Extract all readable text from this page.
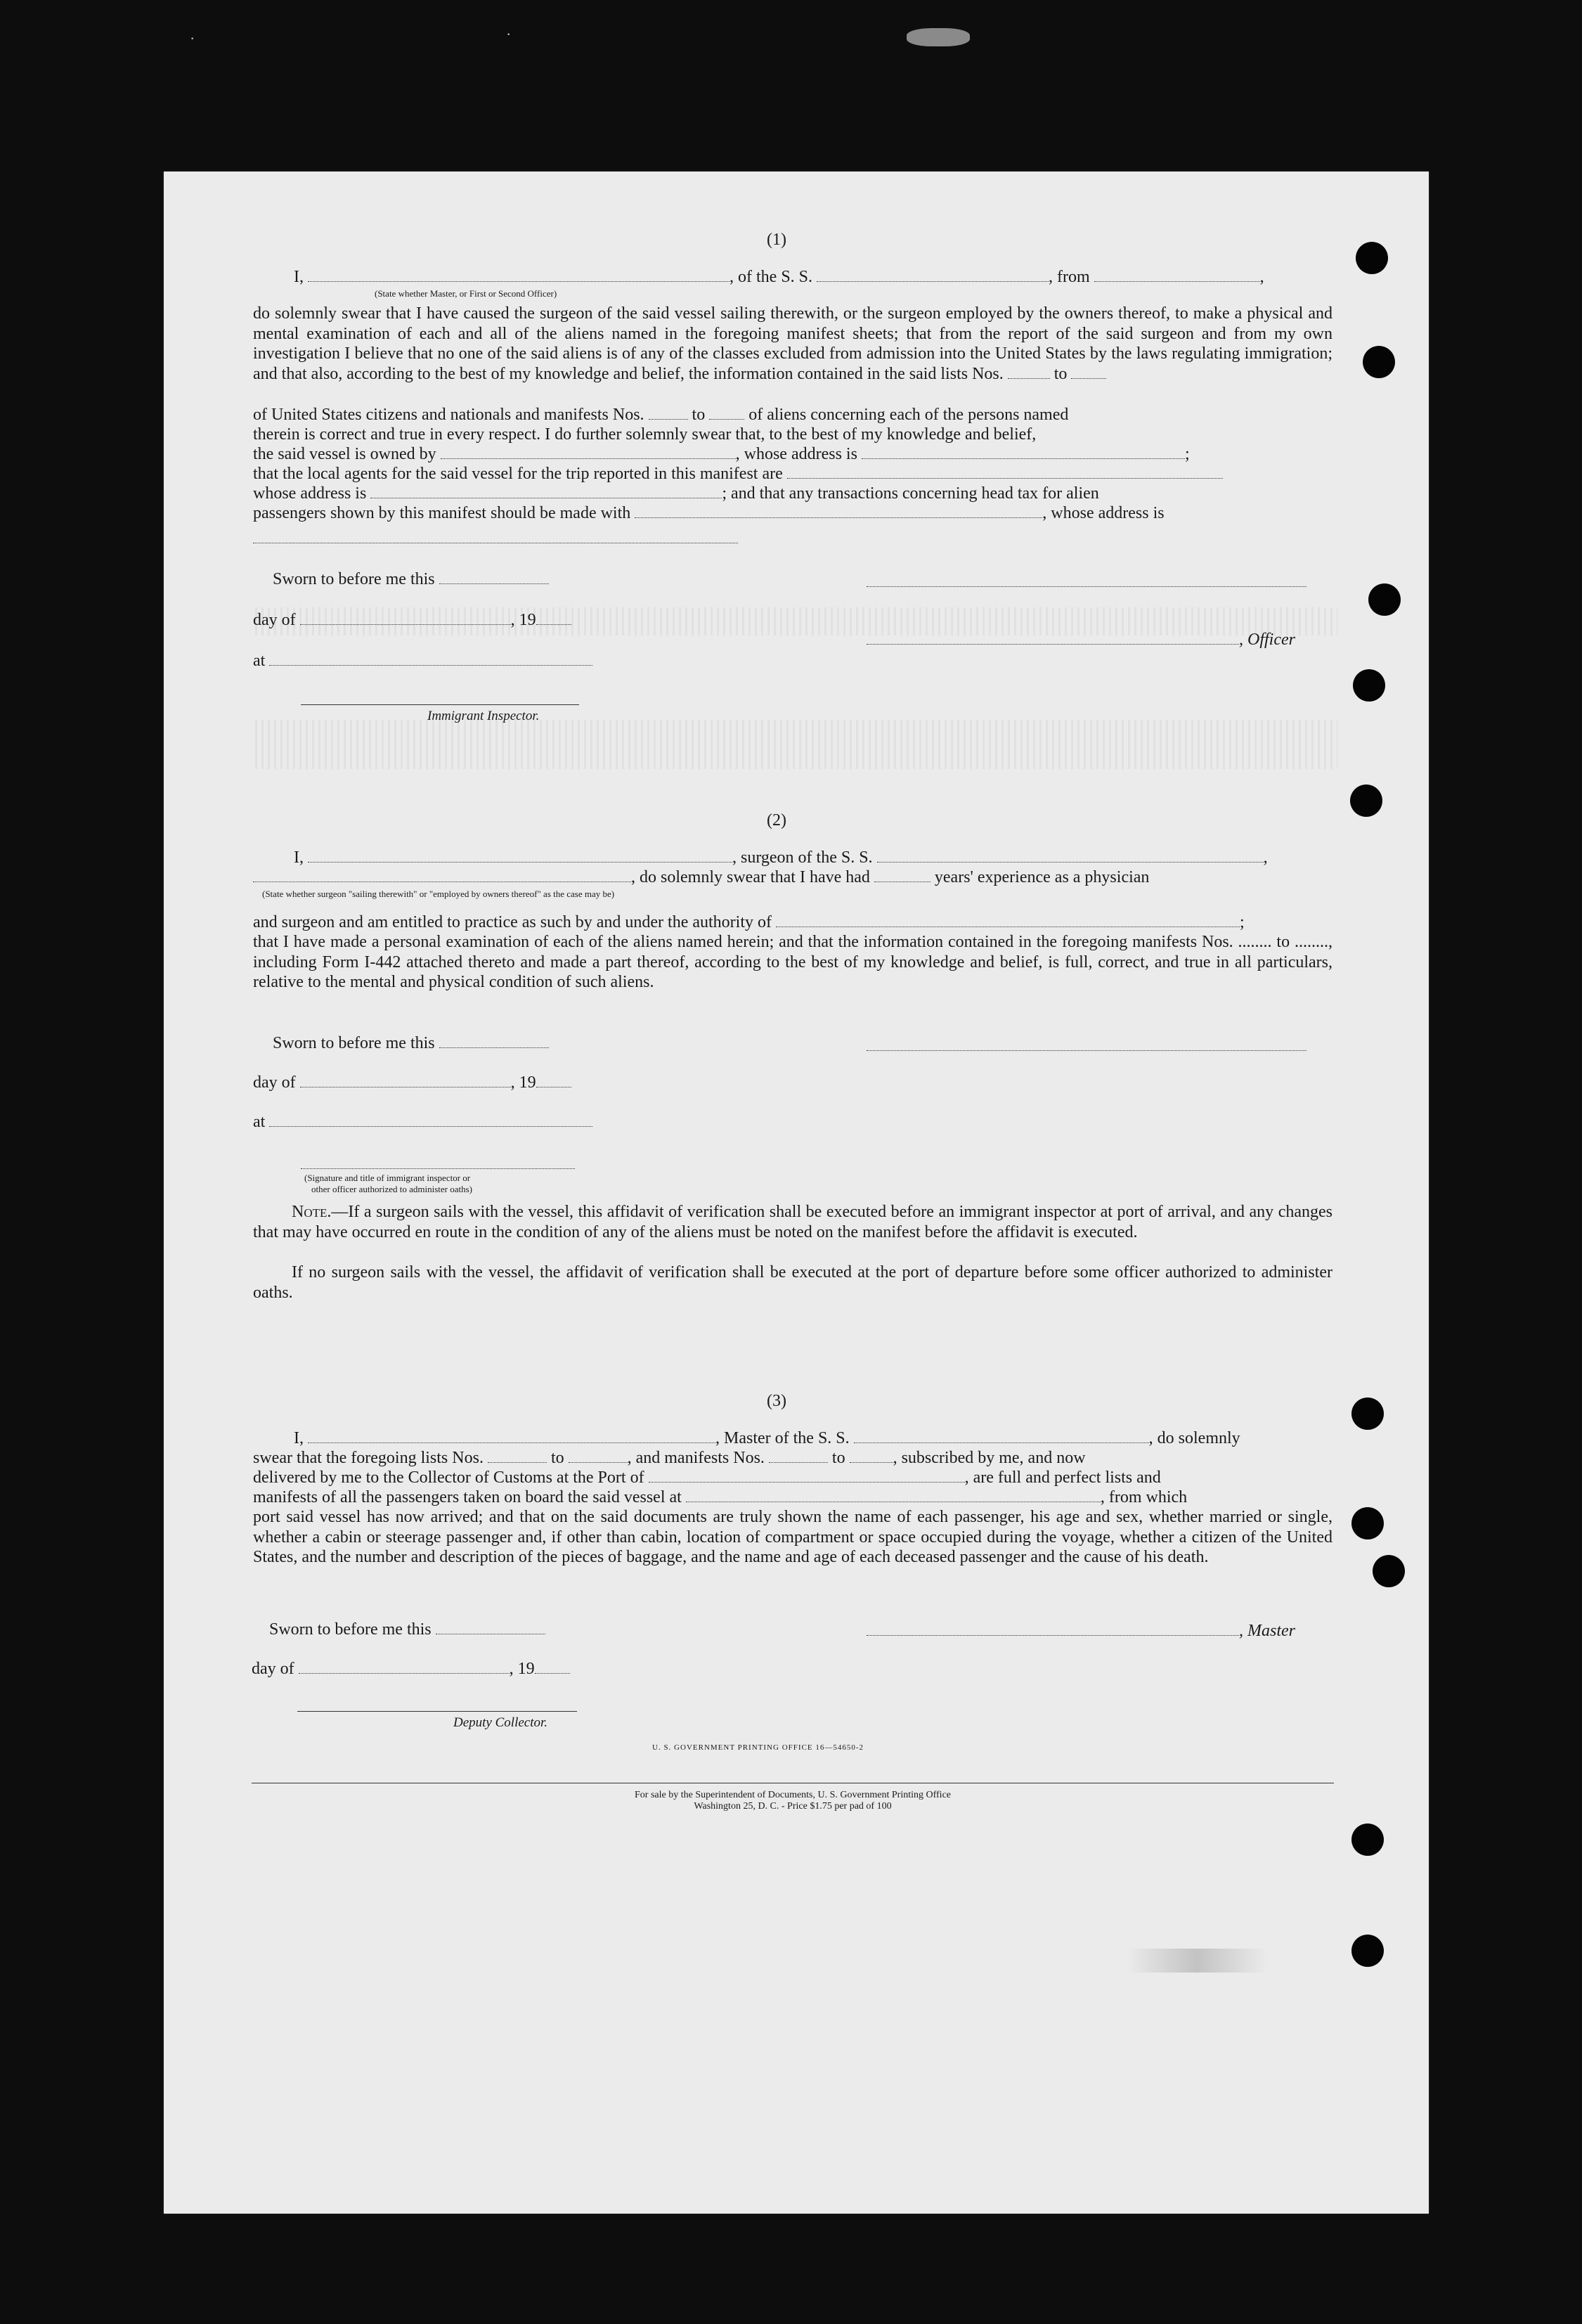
·	·
(1)
I,	, of the S. S.	, from	,
(State whether Master, or First or Second Officer)
do solemnly swear that I have caused the surgeon of the said vessel sailing therewith, or the surgeon employed by the owners thereof, to make a physical and mental examination of each and all of the aliens named in the foregoing manifest sheets; that from the report of the said surgeon and from my own investigation I believe that no one of the said aliens is of any of the classes excluded from admission into the United States by the laws regulating immigration; and that also, according to the best of my knowledge and belief, the information contained in the said lists Nos.	to
of United States citizens and nationals and manifests Nos.	to	of aliens concerning each of the persons named
therein is correct and true in every respect. I do further solemnly swear that, to the best of my knowledge and belief,
the said vessel is owned by	, whose address is	;
that the local agents for the said vessel for the trip reported in this manifest are
whose address is	; and that any transactions concerning head tax for alien
passengers shown by this manifest should be made with	, whose address is
Sworn to before me this
day of	, 19
, Officer
at
Immigrant Inspector.
(2)
I,	, surgeon of the S. S.	,
, do solemnly swear that I have had	years' experience as a physician
(State whether surgeon "sailing therewith" or "employed by owners thereof" as the case may be)
and surgeon and am entitled to practice as such by and under the authority of	;
that I have made a personal examination of each of the aliens named herein; and that the information contained in the foregoing manifests Nos. ........ to ........, including Form I-442 attached thereto and made a part thereof, according to the best of my knowledge and belief, is full, correct, and true in all particulars, relative to the mental and physical condition of such aliens.
Sworn to before me this
day of	, 19
at
(Signature and title of immigrant inspector or
other officer authorized to administer oaths)
Note.—If a surgeon sails with the vessel, this affidavit of verification shall be executed before an immigrant inspector at port of arrival, and any changes that may have occurred en route in the condition of any of the aliens must be noted on the manifest before the affidavit is executed.
If no surgeon sails with the vessel, the affidavit of verification shall be executed at the port of departure before some officer authorized to administer oaths.
(3)
I,	, Master of the S. S.	, do solemnly
swear that the foregoing lists Nos.	to	, and manifests Nos.	to	, subscribed by me, and now
delivered by me to the Collector of Customs at the Port of	, are full and perfect lists and
manifests of all the passengers taken on board the said vessel at	, from which
port said vessel has now arrived; and that on the said documents are truly shown the name of each passenger, his age and sex, whether married or single, whether a cabin or steerage passenger and, if other than cabin, location of compartment or space occupied during the voyage, whether a citizen of the United States, and the number and description of the pieces of baggage, and the name and age of each deceased passenger and the cause of his death.
Sworn to before me this	, Master
day of	, 19
Deputy Collector.
U. S. GOVERNMENT PRINTING OFFICE 16—54650-2
For sale by the Superintendent of Documents, U. S. Government Printing Office
Washington 25, D. C. - Price $1.75 per pad of 100
